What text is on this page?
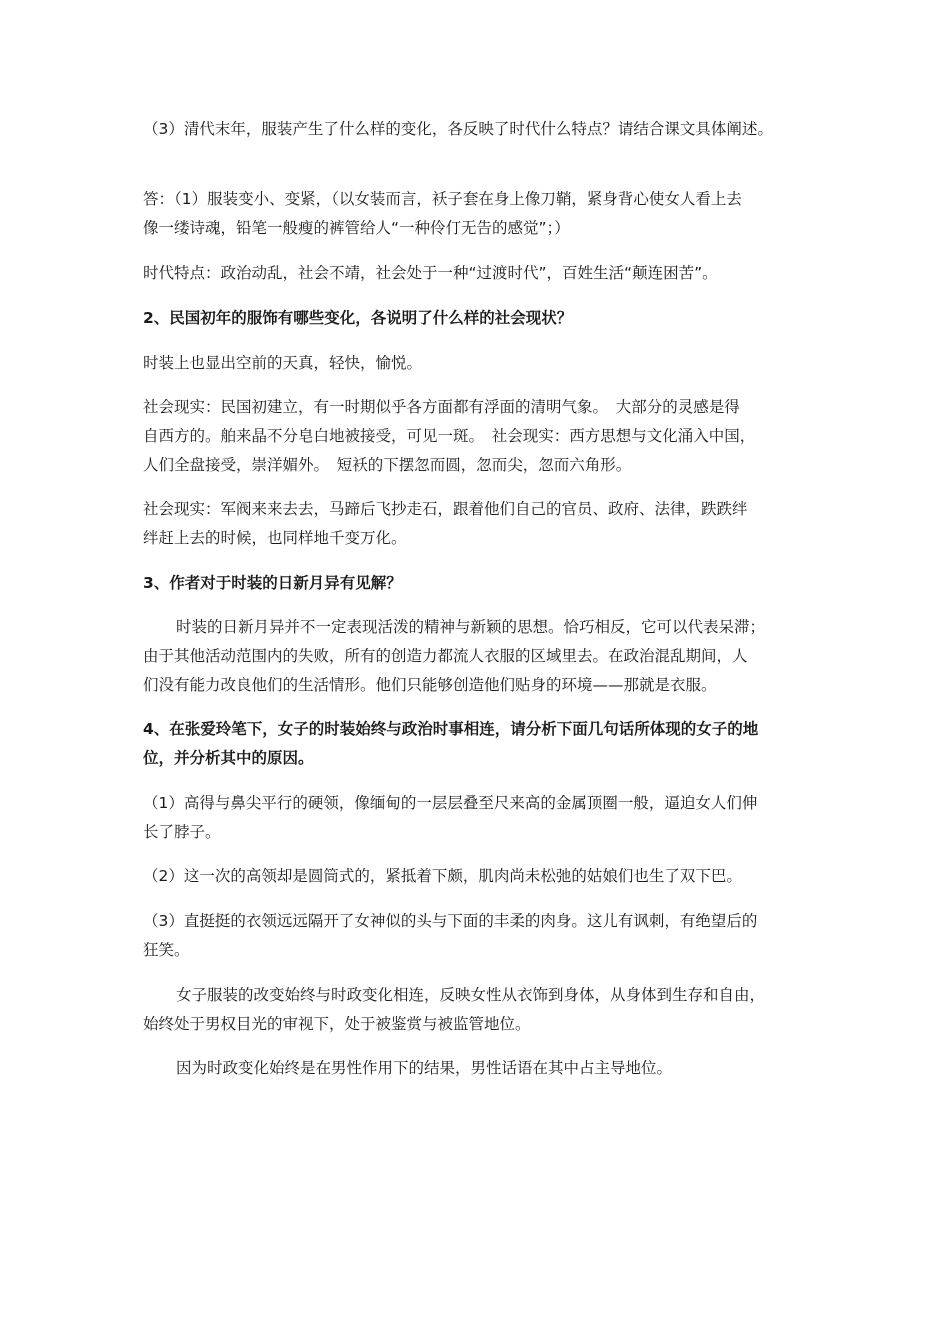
（3）清代末年，服装产生了什么样的变化，各反映了时代什么特点？请结合课文具体阐述。
答：（1）服装变小、变紧，（以女装而言，袄子套在身上像刀鞘，紧身背心使女人看上去
像一缕诗魂，铅笔一般瘦的裤管给人“一种伶仃无告的感觉”；）
时代特点：政治动乱，社会不靖，社会处于一种“过渡时代”，百姓生活“颠连困苦”。
2、民国初年的服饰有哪些变化，各说明了什么样的社会现状？
时装上也显出空前的天真，轻快，愉悦。
社会现实：民国初建立，有一时期似乎各方面都有浮面的清明气象。　大部分的灵感是得
自西方的。舶来晶不分皂白地被接受，可见一斑。　社会现实：西方思想与文化涌入中国，
人们全盘接受，崇洋媚外。　短袄的下摆忽而圆，忽而尖，忽而六角形。
社会现实：军阀来来去去，马蹄后飞抄走石，跟着他们自己的官员、政府、法律，跌跌绊
绊赶上去的时候，也同样地千变万化。
3、作者对于时装的日新月异有见解？
时装的日新月异并不一定表现活泼的精神与新颖的思想。恰巧相反，它可以代表呆滞；
由于其他活动范围内的失败，所有的创造力都流人衣服的区域里去。在政治混乱期间，人
们没有能力改良他们的生活情形。他们只能够创造他们贴身的环境——那就是衣服。
4、在张爱玲笔下，女子的时装始终与政治时事相连，请分析下面几句话所体现的女子的地
位，并分析其中的原因。
（1）高得与鼻尖平行的硬领，像缅甸的一层层叠至尺来高的金属顶圈一般，逼迫女人们伸
长了脖子。
（2）这一次的高领却是圆筒式的，紧抵着下颇，肌肉尚未松弛的姑娘们也生了双下巴。
（3）直挺挺的衣领远远隔开了女神似的头与下面的丰柔的肉身。这儿有讽刺，有绝望后的
狂笑。
女子服装的改变始终与时政变化相连，反映女性从衣饰到身体，从身体到生存和自由，
始终处于男权目光的审视下，处于被鉴赏与被监管地位。
因为时政变化始终是在男性作用下的结果，男性话语在其中占主导地位。
